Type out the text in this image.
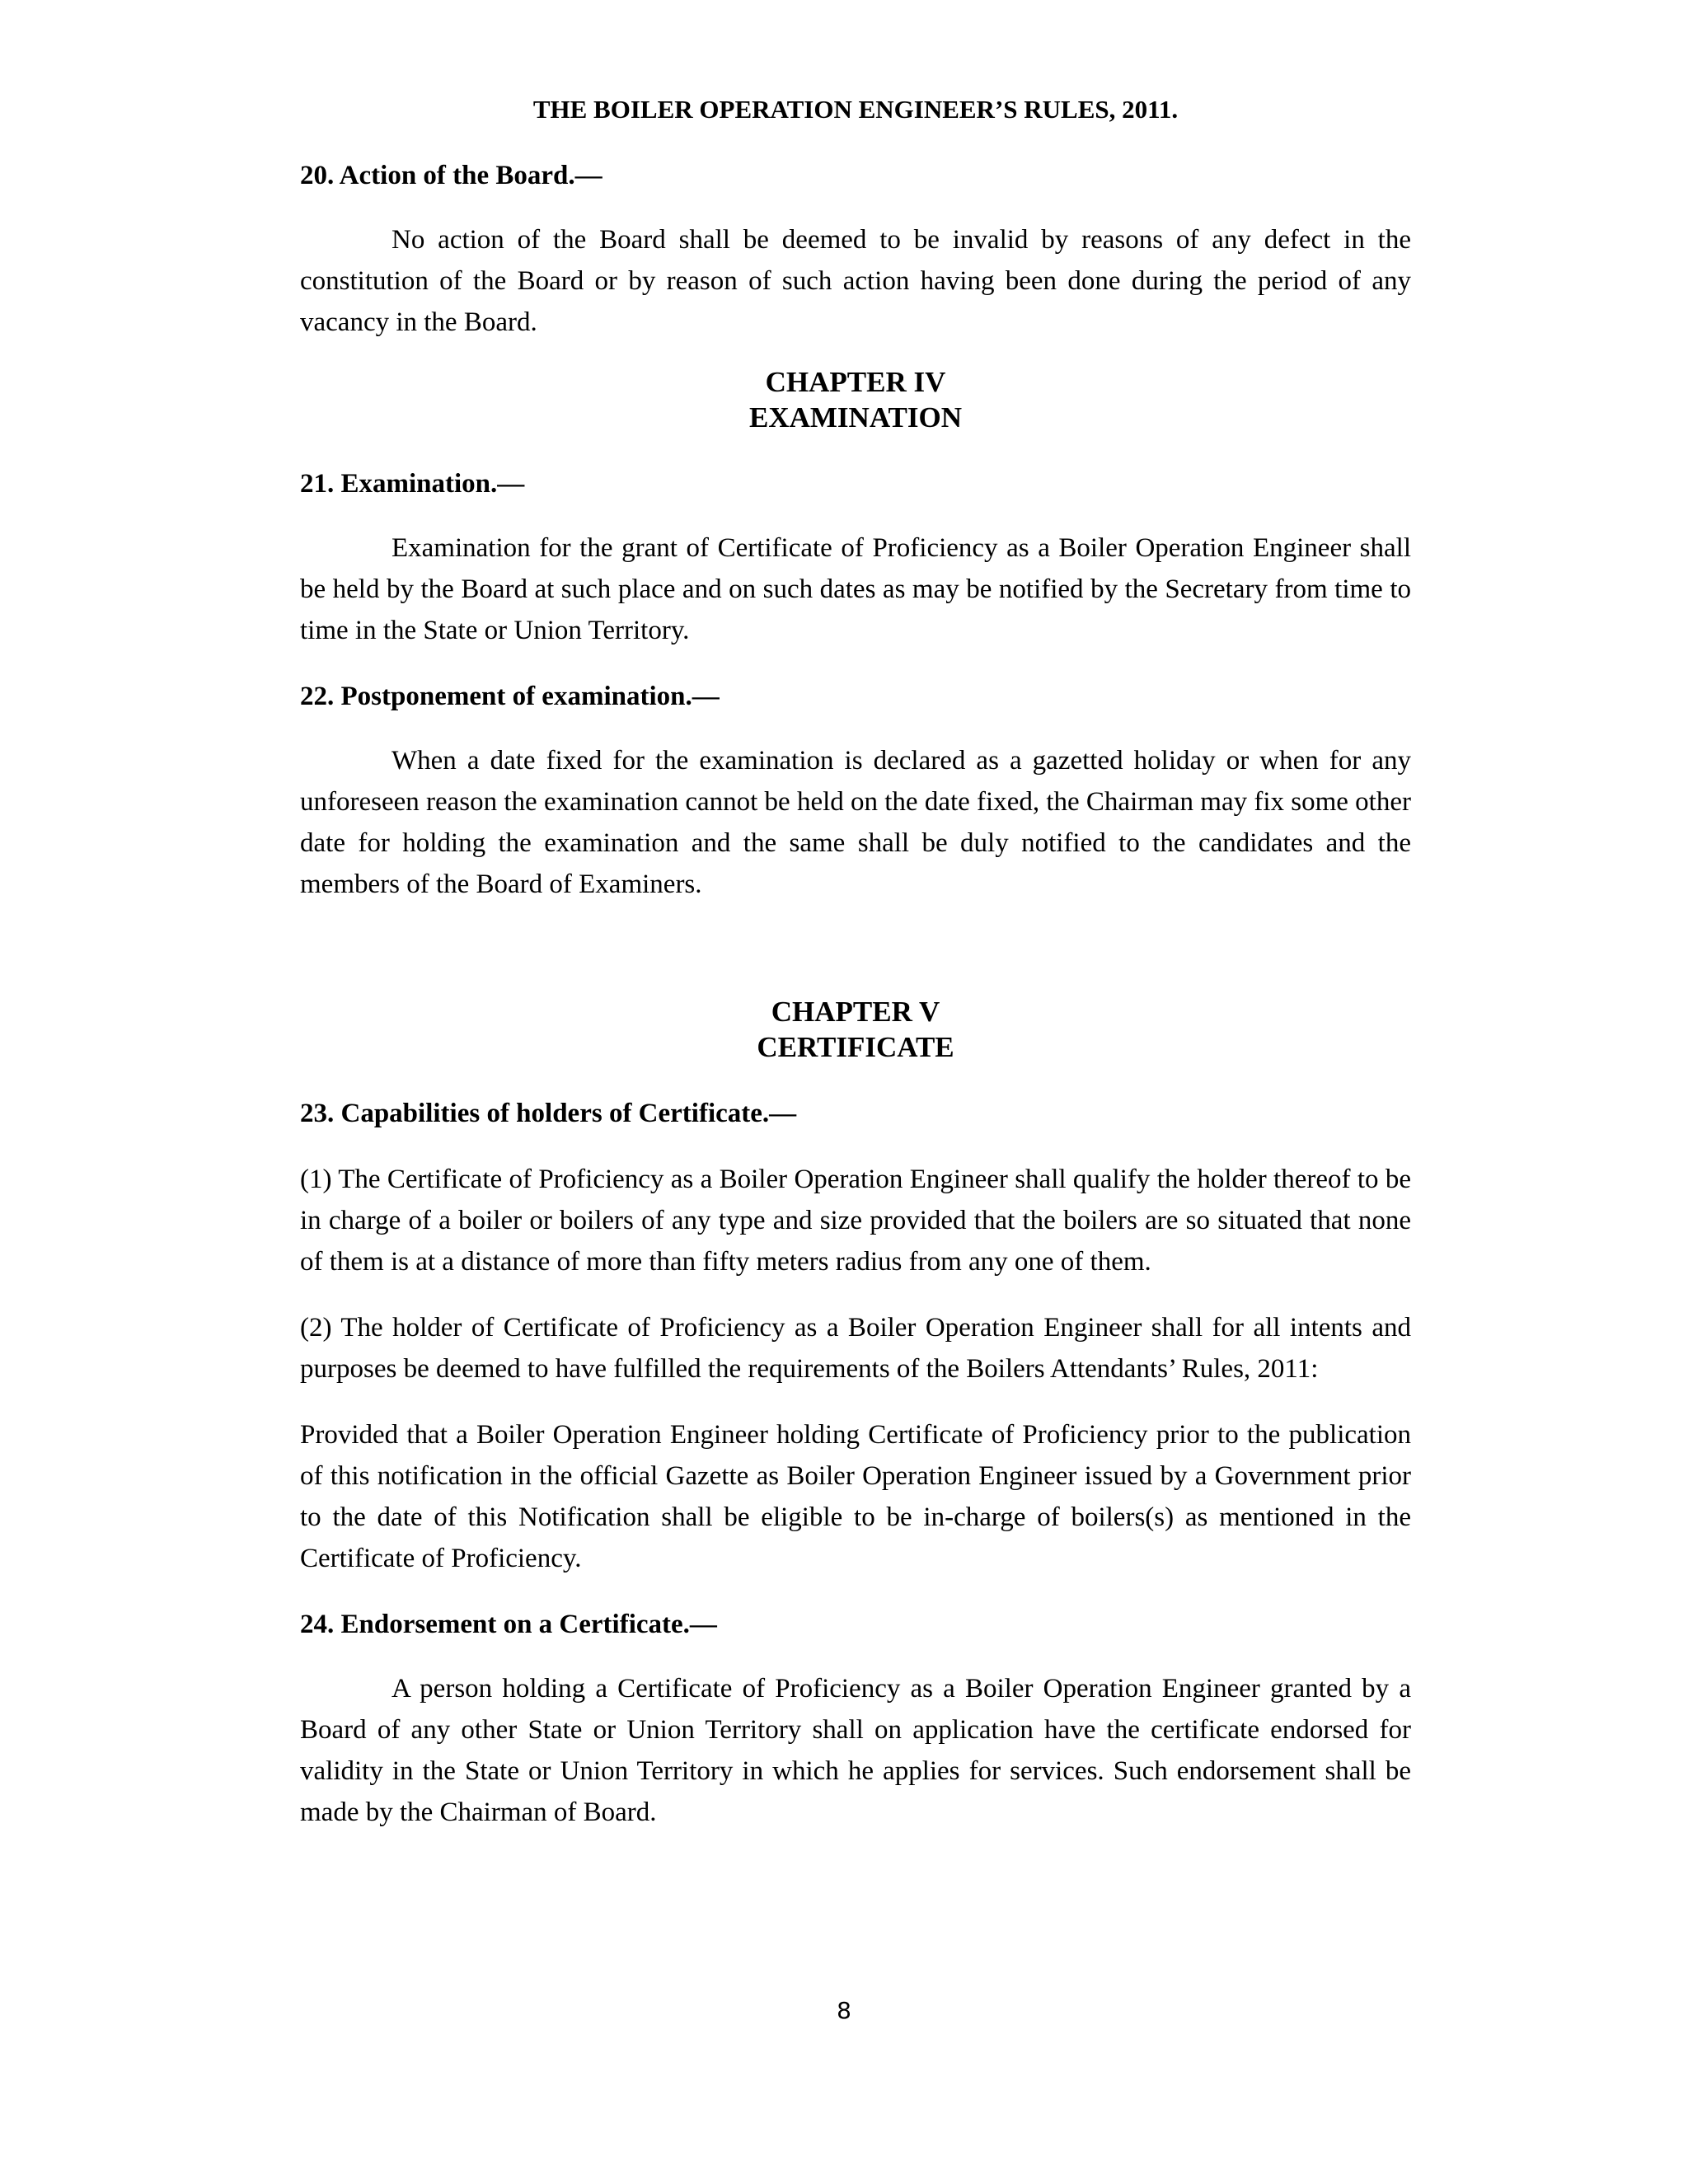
THE BOILER OPERATION ENGINEER’S RULES, 2011.

20. Action of the Board.—

No action of the Board shall be deemed to be invalid by reasons of any defect in the constitution of the Board or by reason of such action having been done during the period of any vacancy in the Board.

CHAPTER IV
EXAMINATION

21. Examination.—

Examination for the grant of Certificate of Proficiency as a Boiler Operation Engineer shall be held by the Board at such place and on such dates as may be notified by the Secretary from time to time in the State or Union Territory.

22. Postponement of examination.—

When a date fixed for the examination is declared as a gazetted holiday or when for any unforeseen reason the examination cannot be held on the date fixed, the Chairman may fix some other date for holding the examination and the same shall be duly notified to the candidates and the members of the Board of Examiners.

CHAPTER V
CERTIFICATE

23. Capabilities of holders of Certificate.—

(1) The Certificate of Proficiency as a Boiler Operation Engineer shall qualify the holder thereof to be in charge of a boiler or boilers of any type and size provided that the boilers are so situated that none of them is at a distance of more than fifty meters radius from any one of them.

(2) The holder of Certificate of Proficiency as a Boiler Operation Engineer shall for all intents and purposes be deemed to have fulfilled the requirements of the Boilers Attendants’ Rules, 2011:

Provided that a Boiler Operation Engineer holding Certificate of Proficiency prior to the publication of this notification in the official Gazette as Boiler Operation Engineer issued by a Government prior to the date of this Notification shall be eligible to be in-charge of boilers(s) as mentioned in the Certificate of Proficiency.

24. Endorsement on a Certificate.—

A person holding a Certificate of Proficiency as a Boiler Operation Engineer granted by a Board of any other State or Union Territory shall on application have the certificate endorsed for validity in the State or Union Territory in which he applies for services. Such endorsement shall be made by the Chairman of Board.

8
